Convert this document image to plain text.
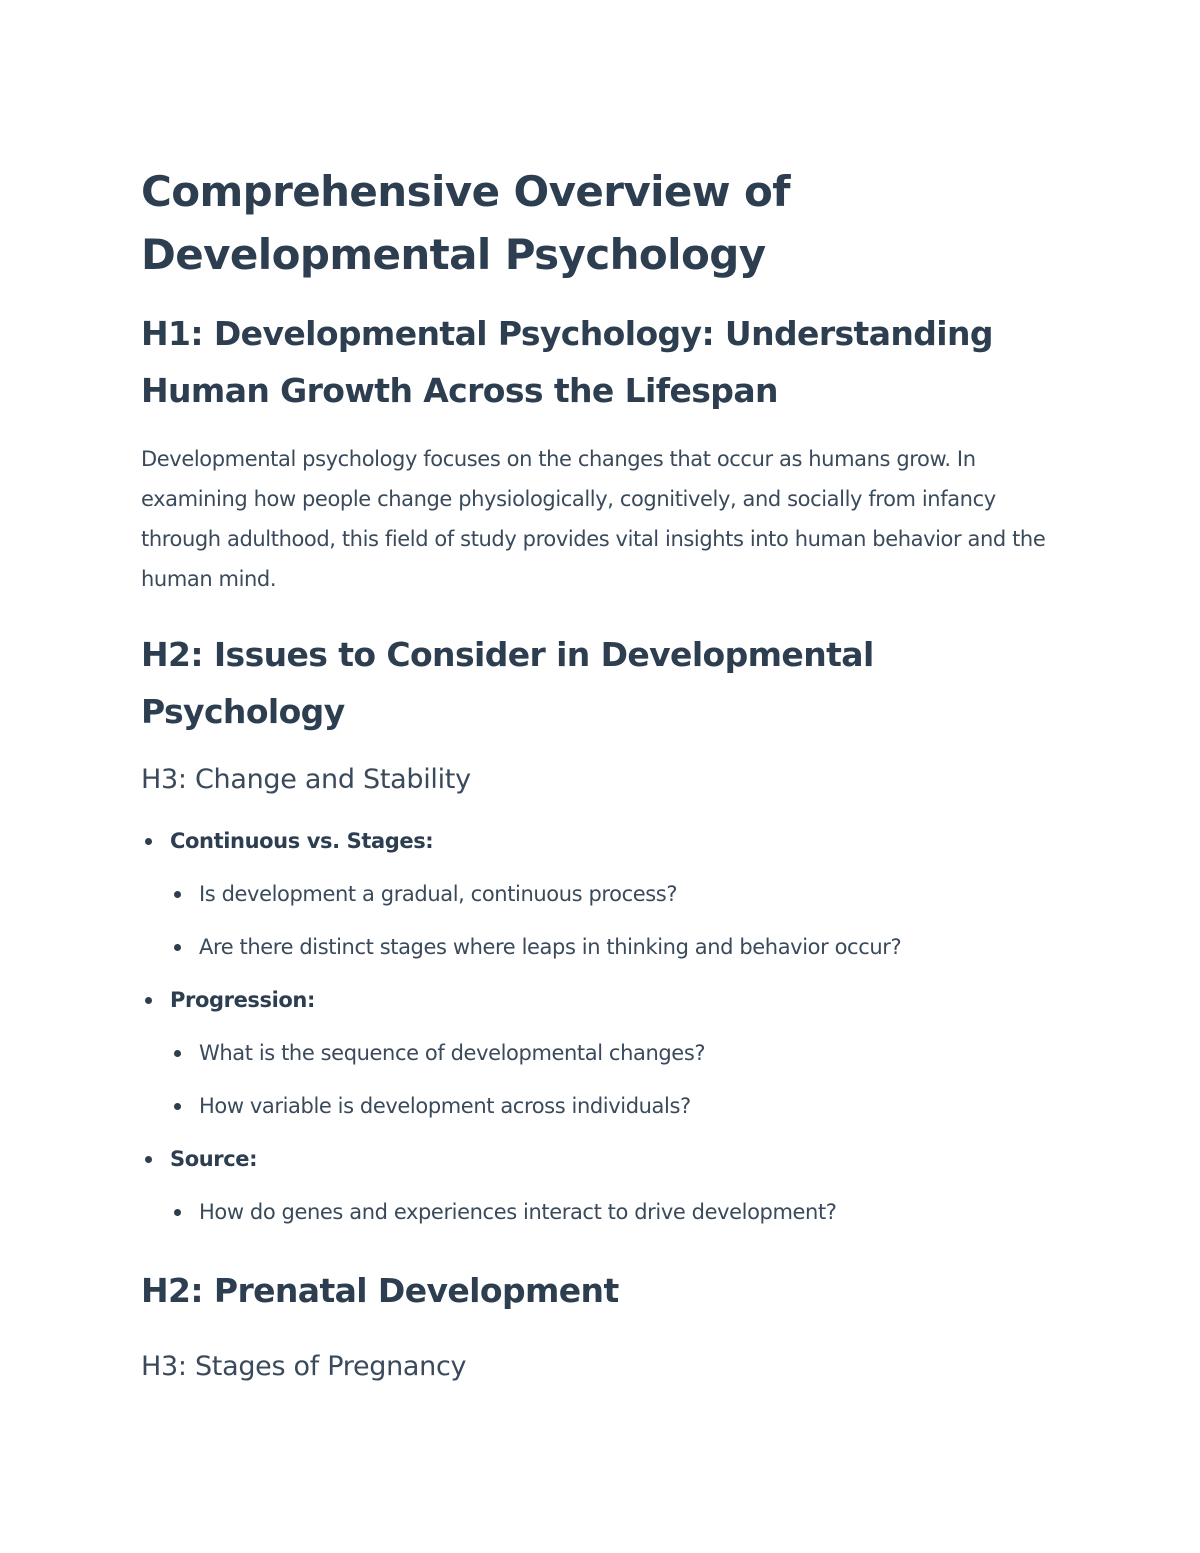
Comprehensive Overview of Developmental Psychology
H1: Developmental Psychology: Understanding Human Growth Across the Lifespan

Developmental psychology focuses on the changes that occur as humans grow. In examining how people change physiologically, cognitively, and socially from infancy through adulthood, this field of study provides vital insights into human behavior and the human mind.

H2: Issues to Consider in Developmental Psychology
H3: Change and Stability
Continuous vs. Stages:
Is development a gradual, continuous process?
Are there distinct stages where leaps in thinking and behavior occur?
Progression:
What is the sequence of developmental changes?
How variable is development across individuals?
Source:
How do genes and experiences interact to drive development?
H2: Prenatal Development
H3: Stages of Pregnancy
